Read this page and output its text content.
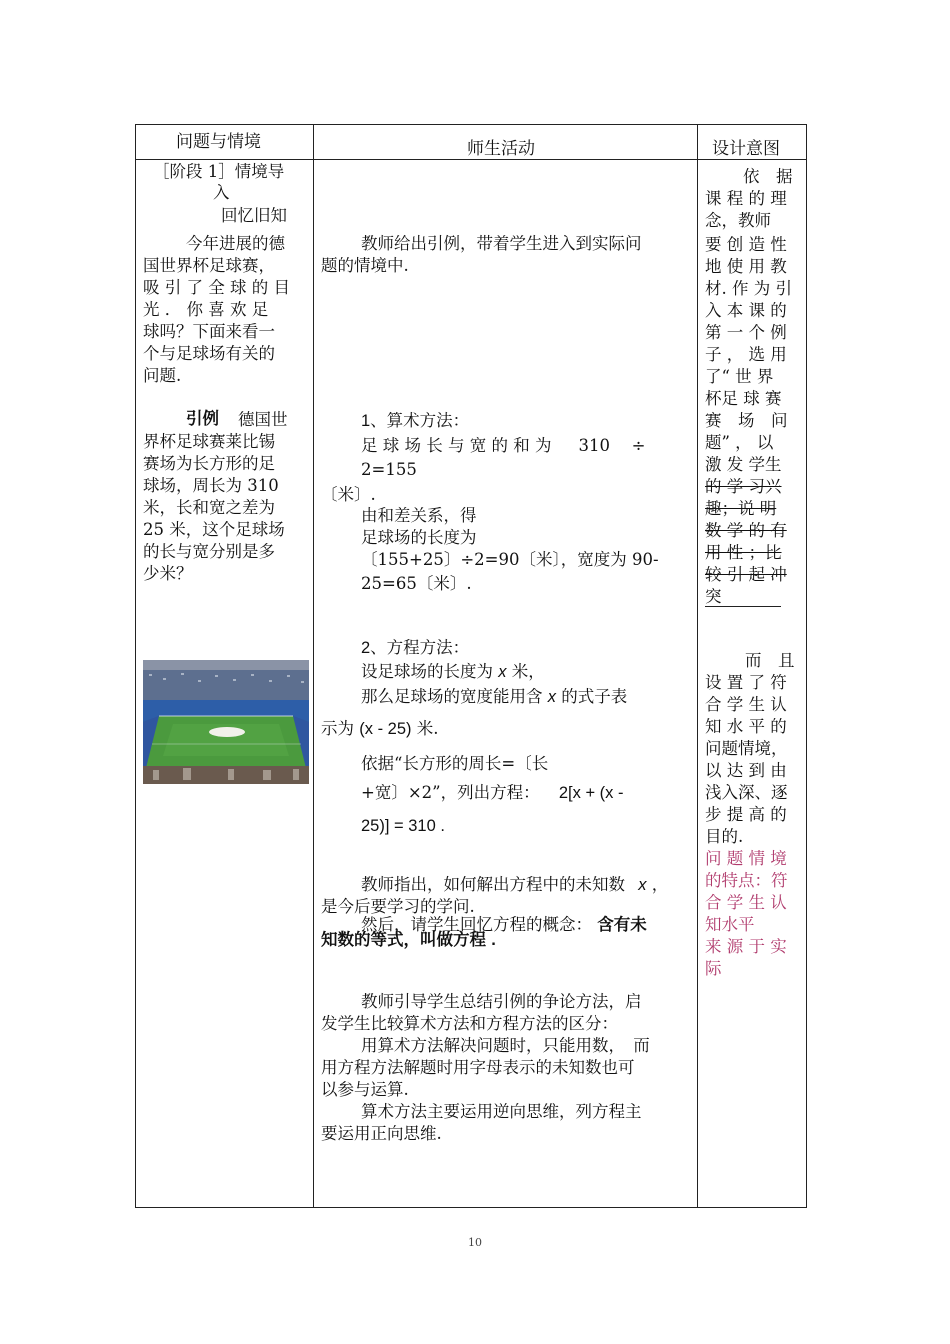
问题与情境	师生活动	设计意图
［阶段 1］情境导
入
回忆旧知
今年进展的德
国世界杯足球赛，
吸 引 了 全 球 的 目
光 ． 你 喜 欢 足
球吗？下面来看一
个与足球场有关的
问题.
引例 德国世
界杯足球赛莱比锡
赛场为长方形的足
球场，周长为 310
米，长和宽之差为
25 米，这个足球场
的长与宽分别是多
少米？
教师给出引例，带着学生进入到实际问
题的情境中.
1、算术方法：
足 球 场 长 与 宽 的 和 为 　 310 　÷
2=155
〔米〕.
由和差关系，得
足球场的长度为
〔155+25〕÷2=90〔米〕，宽度为 90-
25=65〔米〕.
2、方程方法：
设足球场的长度为 x 米，
那么足球场的宽度能用含 x 的式子表
示为 (x - 25) 米.
依据“长方形的周长=〔长
+宽〕×2”，列出方程： 2[x + (x -
25)] = 310 .
教师指出，如何解出方程中的未知数 x ，
是今后要学习的学问.
然后，请学生回忆方程的概念： 含有未
知数的等式，叫做方程 .
教师引导学生总结引例的争论方法，启
发学生比较算术方法和方程方法的区分：
用算术方法解决问题时，只能用数，　而
用方程方法解题时用字母表示的未知数也可
以参与运算.
算术方法主要运用逆向思维，列方程主
要运用正向思维.
依　据
课 程 的 理
念，教师
要 创 造 性
地 使 用 教
材. 作 为 引
入 本 课 的
第 一 个 例
子 ， 选 用
了“ 世 界
杯足 球 赛
赛　场　问
题” ， 以
激 发 学生
的 学 习兴
趣；说 明
数 学 的 有
用 性 ；比
较 引 起 冲
突
而　且
设 置 了 符
合 学 生 认
知 水 平 的
问题情境，
以 达 到 由
浅入深、逐
步 提 高 的
目的.
问 题 情 境
的特点：符
合 学 生 认
知水平
来 源 于 实
际
10
